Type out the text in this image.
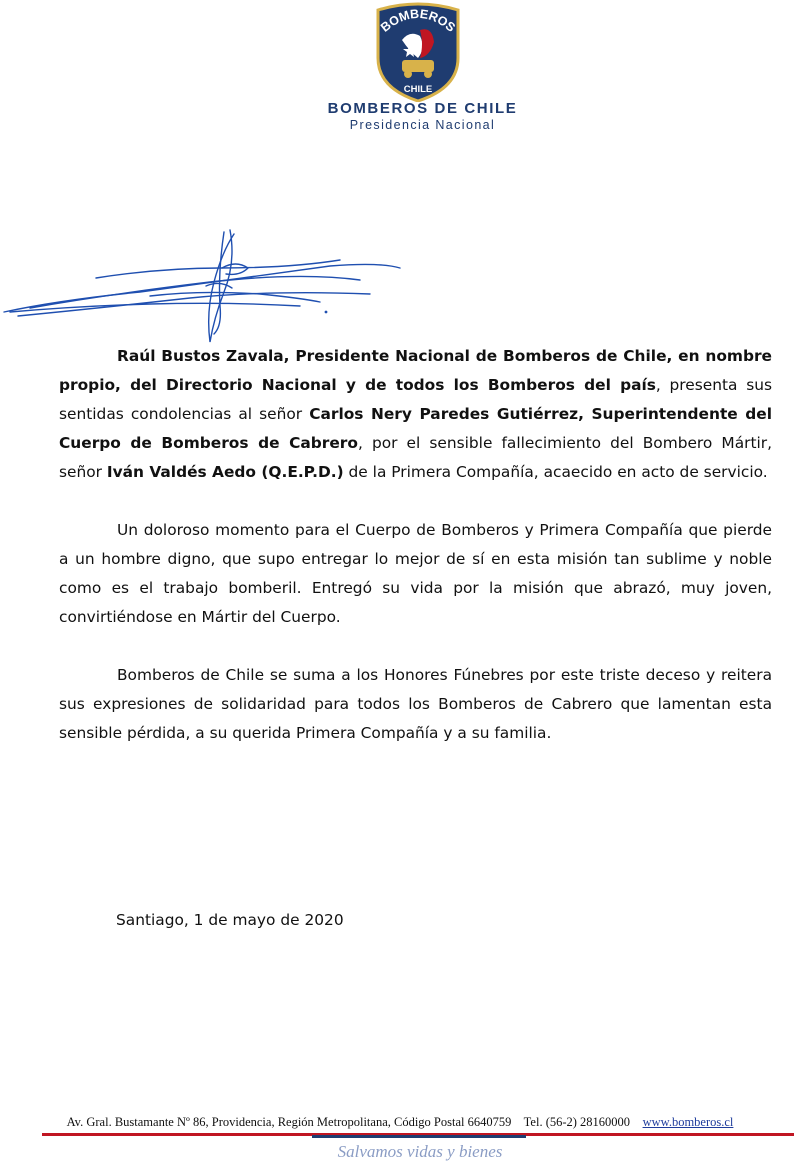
BOMBEROS
CHILE
BOMBEROS DE CHILE
Presidencia Nacional

Raúl Bustos Zavala, Presidente Nacional de Bomberos de Chile, en nombre propio, del Directorio Nacional y de todos los Bomberos del país, presenta sus sentidas condolencias al señor Carlos Nery Paredes Gutiérrez, Superintendente del Cuerpo de Bomberos de Cabrero, por el sensible fallecimiento del Bombero Mártir, señor Iván Valdés Aedo (Q.E.P.D.) de la Primera Compañía, acaecido en acto de servicio.

Un doloroso momento para el Cuerpo de Bomberos y Primera Compañía que pierde a un hombre digno, que supo entregar lo mejor de sí en esta misión tan sublime y noble como es el trabajo bomberil. Entregó su vida por la misión que abrazó, muy joven, convirtiéndose en Mártir del Cuerpo.

Bomberos de Chile se suma a los Honores Fúnebres por este triste deceso y reitera sus expresiones de solidaridad para todos los Bomberos de Cabrero que lamentan esta sensible pérdida, a su querida Primera Compañía y a su familia.

Santiago, 1 de mayo de 2020
Av. Gral. Bustamante Nº 86, Providencia, Región Metropolitana, Código Postal 6640759 Tel. (56-2) 28160000 www.bomberos.cl
Salvamos vidas y bienes
